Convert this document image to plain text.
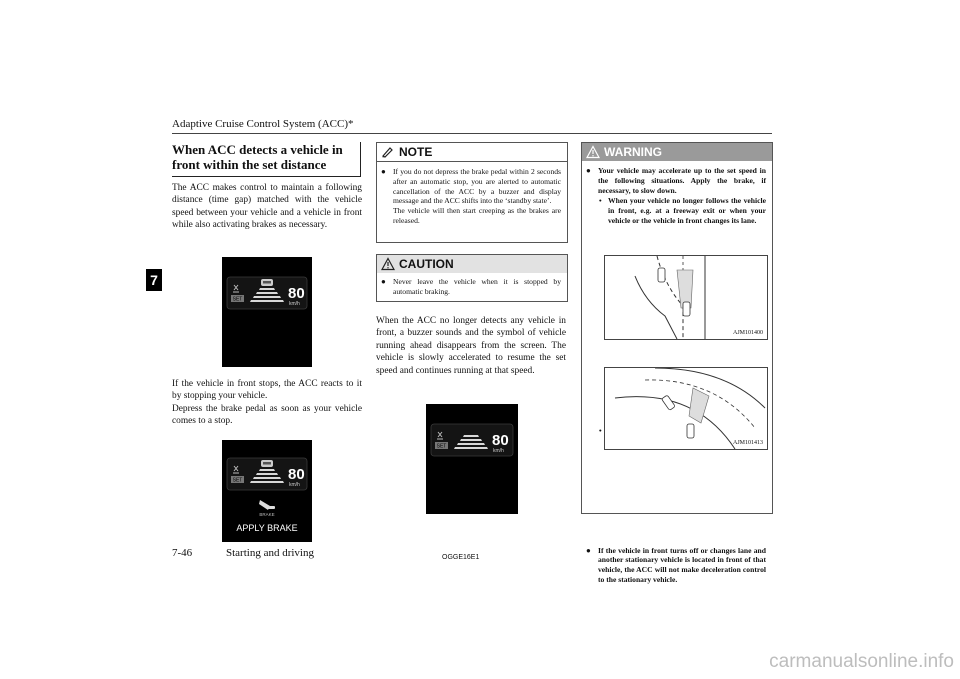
Adaptive Cruise Control System (ACC)*
7
When ACC detects a vehicle in
front within the set distance
The ACC makes control to maintain a following distance (time gap) matched with the vehicle speed between your vehicle and a vehicle in front while also activating brakes as necessary.
SET	80
km/h
If the vehicle in front stops, the ACC reacts to it by stopping your vehicle.
Depress the brake pedal as soon as your vehicle comes to a stop.
SET	80
km/h
BRAKE
APPLY BRAKE
NOTE
● If you do not depress the brake pedal within 2 seconds after an automatic stop, you are alerted to automatic cancellation of the ACC by a buzzer and display message and the ACC shifts into the ‘standby state’.
The vehicle will then start creeping as the brakes are released.
CAUTION
● Never leave the vehicle when it is stopped by automatic braking.
When the ACC no longer detects any vehicle in front, a buzzer sounds and the symbol of vehicle running ahead disappears from the screen. The vehicle is slowly accelerated to resume the set speed and continues running at that speed.
SET	80
km/h
WARNING
● Your vehicle may accelerate up to the set speed in the following situations. Apply the brake, if necessary, to slow down.
• When your vehicle no longer follows the vehicle in front, e.g. at a freeway exit or when your vehicle or the vehicle in front changes its lane.
AJM101400
•
AJM101413
● If the vehicle in front turns off or changes lane and another stationary vehicle is located in front of that vehicle, the ACC will not make deceleration control to the stationary vehicle.
7-46	Starting and driving	OGGE16E1
carmanualsonline.info
